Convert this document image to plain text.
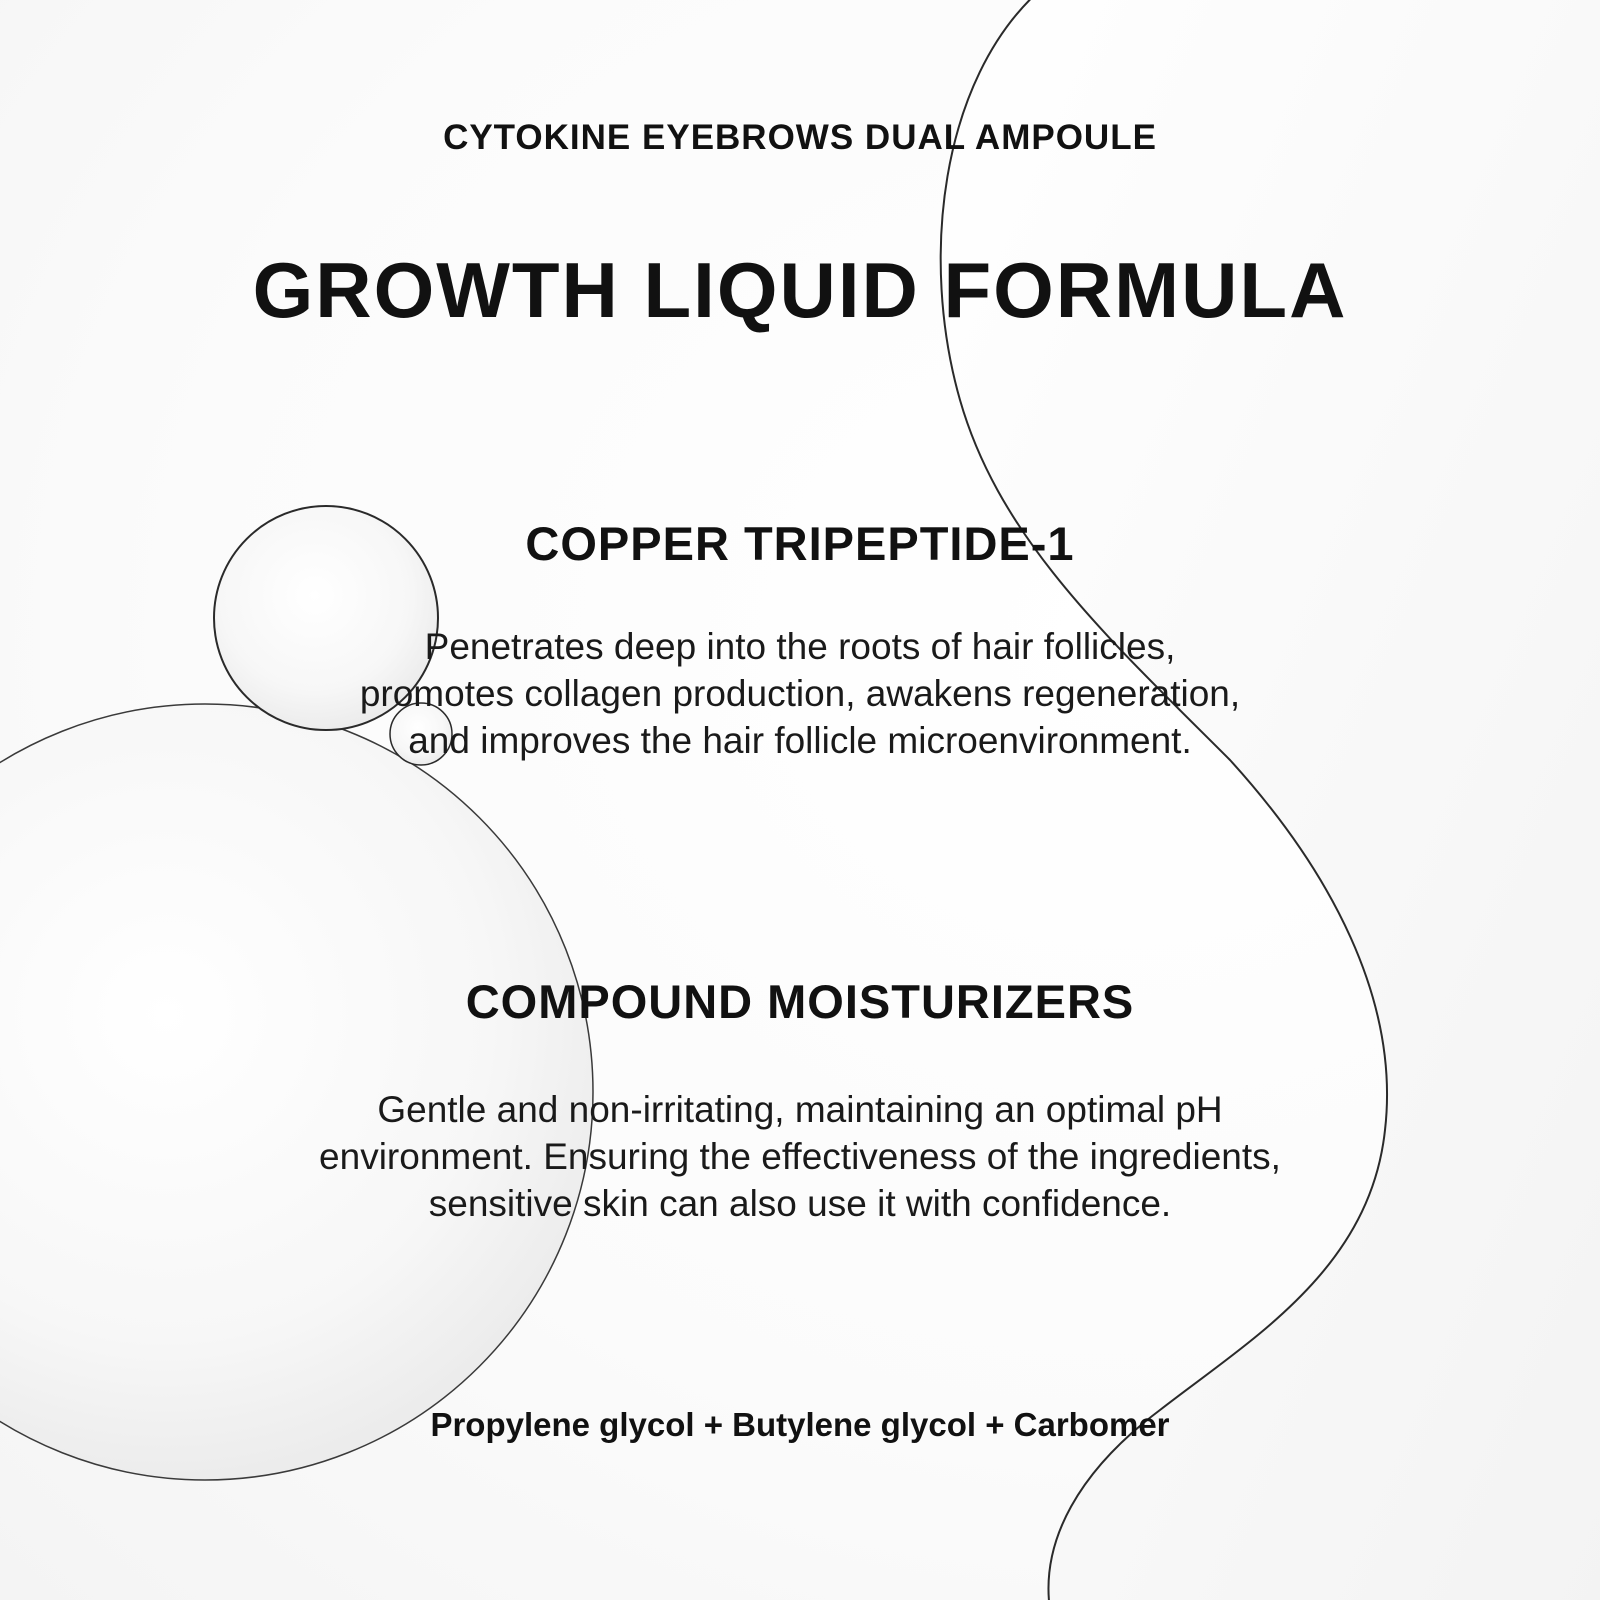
CYTOKINE EYEBROWS DUAL AMPOULE
GROWTH LIQUID FORMULA
COPPER TRIPEPTIDE-1
Penetrates deep into the roots of hair follicles,
promotes collagen production, awakens regeneration,
and improves the hair follicle microenvironment.
COMPOUND MOISTURIZERS
Gentle and non-irritating, maintaining an optimal pH
environment. Ensuring the effectiveness of the ingredients,
sensitive skin can also use it with confidence.
Propylene glycol + Butylene glycol + Carbomer
